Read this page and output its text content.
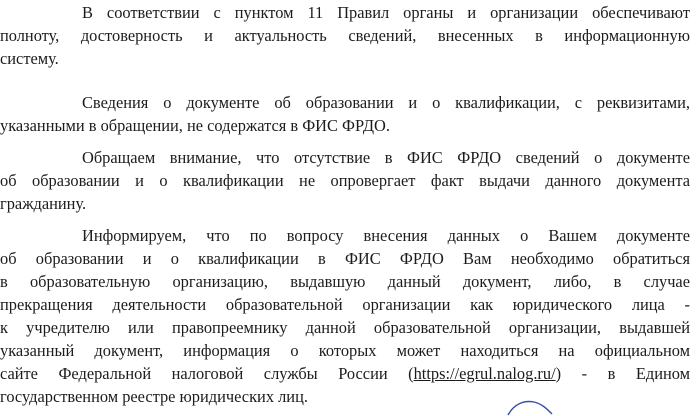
В соответствии с пунктом 11 Правил органы и организации обеспечивают
полноту, достоверность и актуальность сведений, внесенных в информационную
систему.
Сведения о документе об образовании и о квалификации, с реквизитами,
указанными в обращении, не содержатся в ФИС ФРДО.
Обращаем внимание, что отсутствие в ФИС ФРДО сведений о документе
об образовании и о квалификации не опровергает факт выдачи данного документа
гражданину.
Информируем, что по вопросу внесения данных о Вашем документе
об образовании и о квалификации в ФИС ФРДО Вам необходимо обратиться
в образовательную организацию, выдавшую данный документ, либо, в случае
прекращения деятельности образовательной организации как юридического лица -
к учредителю или правопреемнику данной образовательной организации, выдавшей
указанный документ, информация о которых может находиться на официальном
сайте Федеральной налоговой службы России (https://egrul.nalog.ru/) - в Едином
государственном реестре юридических лиц.
